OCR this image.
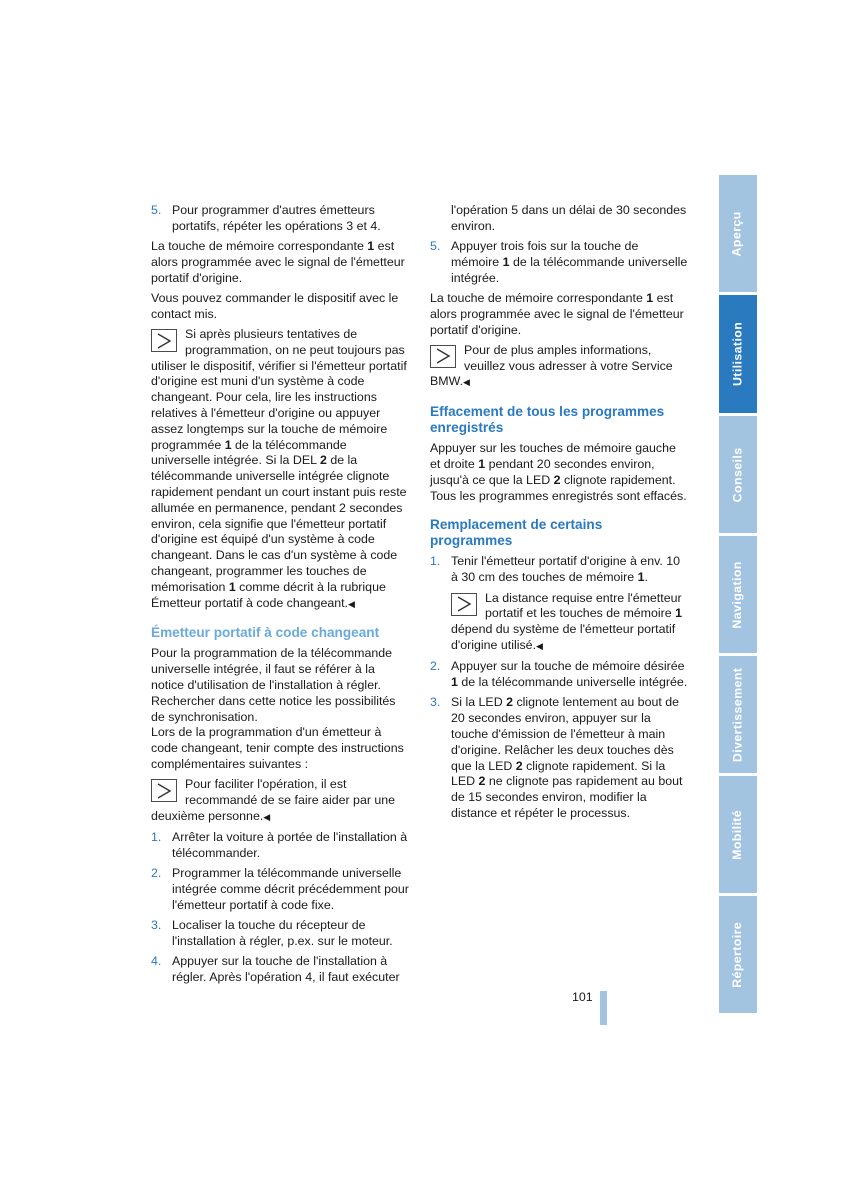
5. Pour programmer d'autres émetteurs portatifs, répéter les opérations 3 et 4.

La touche de mémoire correspondante 1 est alors programmée avec le signal de l'émetteur portatif d'origine.

Vous pouvez commander le dispositif avec le contact mis.

Si après plusieurs tentatives de programmation, on ne peut toujours pas utiliser le dispositif, vérifier si l'émetteur portatif d'origine est muni d'un système à code changeant. Pour cela, lire les instructions relatives à l'émetteur d'origine ou appuyer assez longtemps sur la touche de mémoire programmée 1 de la télécommande universelle intégrée. Si la DEL 2 de la télécommande universelle intégrée clignote rapidement pendant un court instant puis reste allumée en permanence, pendant 2 secondes environ, cela signifie que l'émetteur portatif d'origine est équipé d'un système à code changeant. Dans le cas d'un système à code changeant, programmer les touches de mémorisation 1 comme décrit à la rubrique Émetteur portatif à code changeant.◀
Émetteur portatif à code changeant

Pour la programmation de la télécommande universelle intégrée, il faut se référer à la notice d'utilisation de l'installation à régler. Rechercher dans cette notice les possibilités de synchronisation.

Lors de la programmation d'un émetteur à code changeant, tenir compte des instructions complémentaires suivantes :

Pour faciliter l'opération, il est recommandé de se faire aider par une deuxième personne.◀
1. Arrêter la voiture à portée de l'installation à télécommander.
2. Programmer la télécommande universelle intégrée comme décrit précédemment pour l'émetteur portatif à code fixe.
3. Localiser la touche du récepteur de l'installation à régler, p.ex. sur le moteur.
4. Appuyer sur la touche de l'installation à régler. Après l'opération 4, il faut exécuter
l'opération 5 dans un délai de 30 secondes environ.
5. Appuyer trois fois sur la touche de mémoire 1 de la télécommande universelle intégrée.

La touche de mémoire correspondante 1 est alors programmée avec le signal de l'émetteur portatif d'origine.

Pour de plus amples informations, veuillez vous adresser à votre Service BMW.◀
Effacement de tous les programmes enregistrés

Appuyer sur les touches de mémoire gauche et droite 1 pendant 20 secondes environ, jusqu'à ce que la LED 2 clignote rapidement. Tous les programmes enregistrés sont effacés.

Remplacement de certains programmes
1. Tenir l'émetteur portatif d'origine à env. 10 à 30 cm des touches de mémoire 1.
La distance requise entre l'émetteur portatif et les touches de mémoire 1 dépend du système de l'émetteur portatif d'origine utilisé.◀
2. Appuyer sur la touche de mémoire désirée 1 de la télécommande universelle intégrée.
3. Si la LED 2 clignote lentement au bout de 20 secondes environ, appuyer sur la touche d'émission de l'émetteur à main d'origine. Relâcher les deux touches dès que la LED 2 clignote rapidement. Si la LED 2 ne clignote pas rapidement au bout de 15 secondes environ, modifier la distance et répéter le processus.
Aperçu
Utilisation
Conseils
Navigation
Divertissement
Mobilité
Répertoire
101
